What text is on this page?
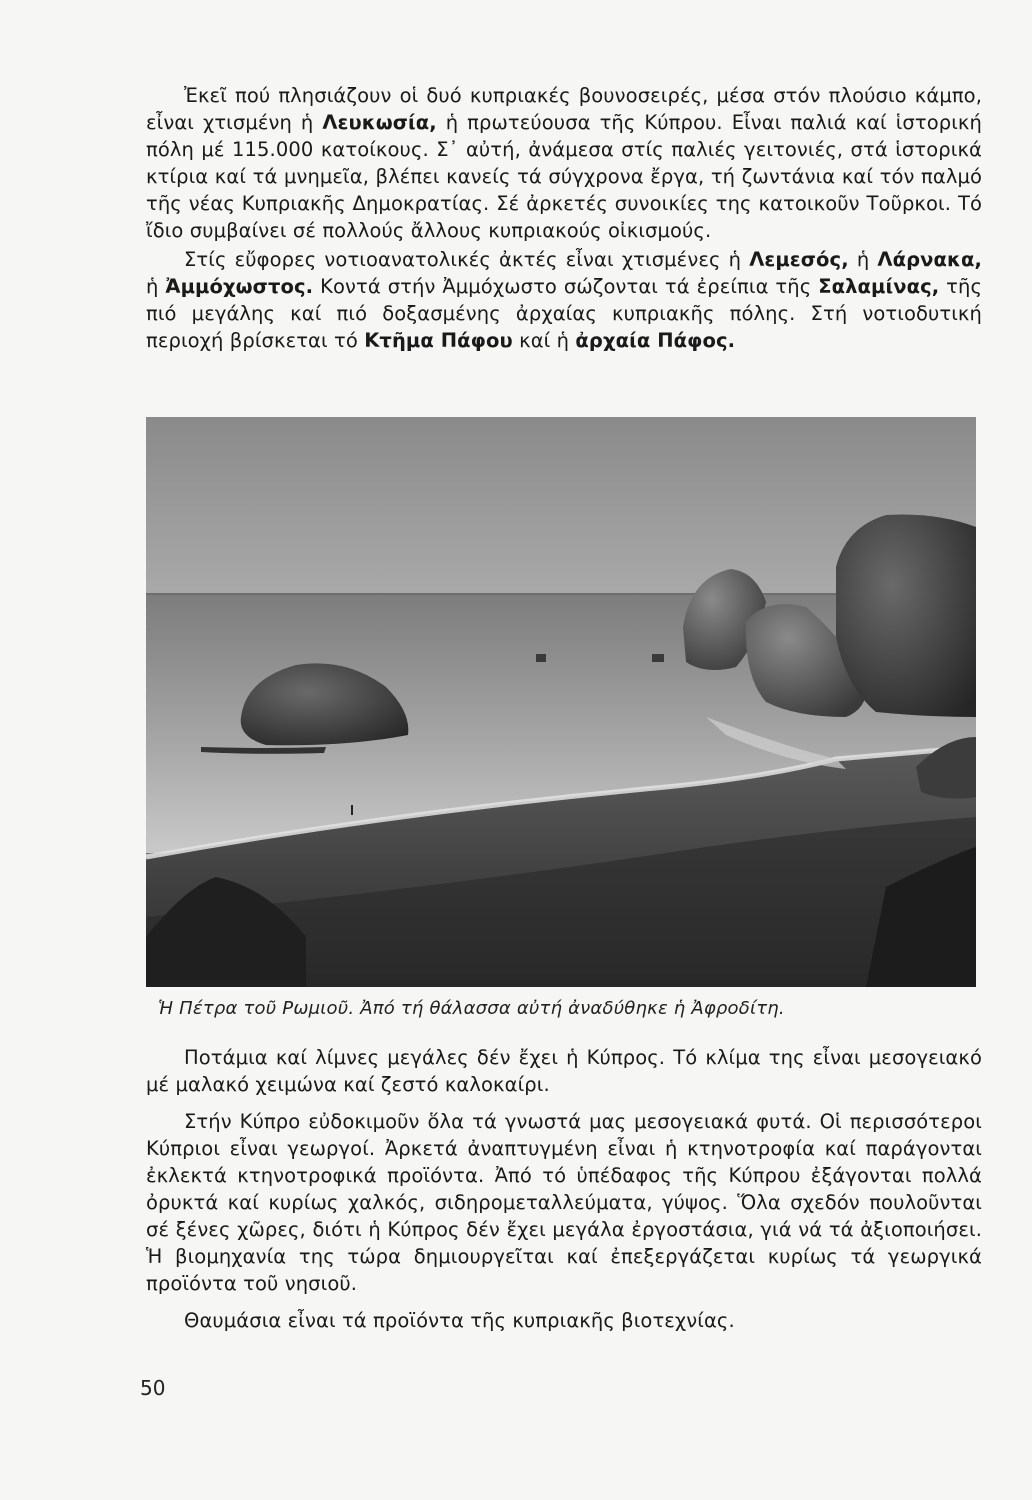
Ἐκεῖ πού πλησιάζουν οἱ δυό κυπριακές βουνοσειρές, μέσα στόν πλούσιο κάμπο, εἶναι χτισμένη ἡ Λευκωσία, ἡ πρωτεύουσα τῆς Κύπρου. Εἶναι παλιά καί ἱστορική πόλη μέ 115.000 κατοίκους. Σ᾽ αὐτή, ἀνάμεσα στίς παλιές γειτονιές, στά ἱστορικά κτίρια καί τά μνημεῖα, βλέπει κανείς τά σύγχρονα ἔργα, τή ζωντάνια καί τόν παλμό τῆς νέας Κυπριακῆς Δημοκρατίας. Σέ ἀρκετές συνοικίες της κατοικοῦν Τοῦρκοι. Τό ἴδιο συμβαίνει σέ πολλούς ἄλλους κυπριακούς οἰκισμούς.

Στίς εὔφορες νοτιοανατολικές ἀκτές εἶναι χτισμένες ἡ Λεμεσός, ἡ Λάρνακα, ἡ Ἀμμόχωστος. Κοντά στήν Ἀμμόχωστο σώζονται τά ἐρείπια τῆς Σαλαμίνας, τῆς πιό μεγάλης καί πιό δοξασμένης ἀρχαίας κυπριακῆς πόλης. Στή νοτιοδυτική περιοχή βρίσκεται τό Κτῆμα Πάφου καί ἡ ἀρχαία Πάφος.

Ἡ Πέτρα τοῦ Ρωμιοῦ. Ἀπό τή θάλασσα αὐτή ἀναδύθηκε ἡ Ἀφροδίτη.

Ποτάμια καί λίμνες μεγάλες δέν ἔχει ἡ Κύπρος. Τό κλίμα της εἶναι μεσογειακό μέ μαλακό χειμώνα καί ζεστό καλοκαίρι.

Στήν Κύπρο εὐδοκιμοῦν ὅλα τά γνωστά μας μεσογειακά φυτά. Οἱ περισσότεροι Κύπριοι εἶναι γεωργοί. Ἀρκετά ἀναπτυγμένη εἶναι ἡ κτηνοτροφία καί παράγονται ἐκλεκτά κτηνοτροφικά προϊόντα. Ἀπό τό ὑπέδαφος τῆς Κύπρου ἐξάγονται πολλά ὀρυκτά καί κυρίως χαλκός, σιδηρομεταλλεύματα, γύψος. Ὅλα σχεδόν πουλοῦνται σέ ξένες χῶρες, διότι ἡ Κύπρος δέν ἔχει μεγάλα ἐργοστάσια, γιά νά τά ἀξιοποιήσει. Ἡ βιομηχανία της τώρα δημιουργεῖται καί ἐπεξεργάζεται κυρίως τά γεωργικά προϊόντα τοῦ νησιοῦ.

Θαυμάσια εἶναι τά προϊόντα τῆς κυπριακῆς βιοτεχνίας.

50
